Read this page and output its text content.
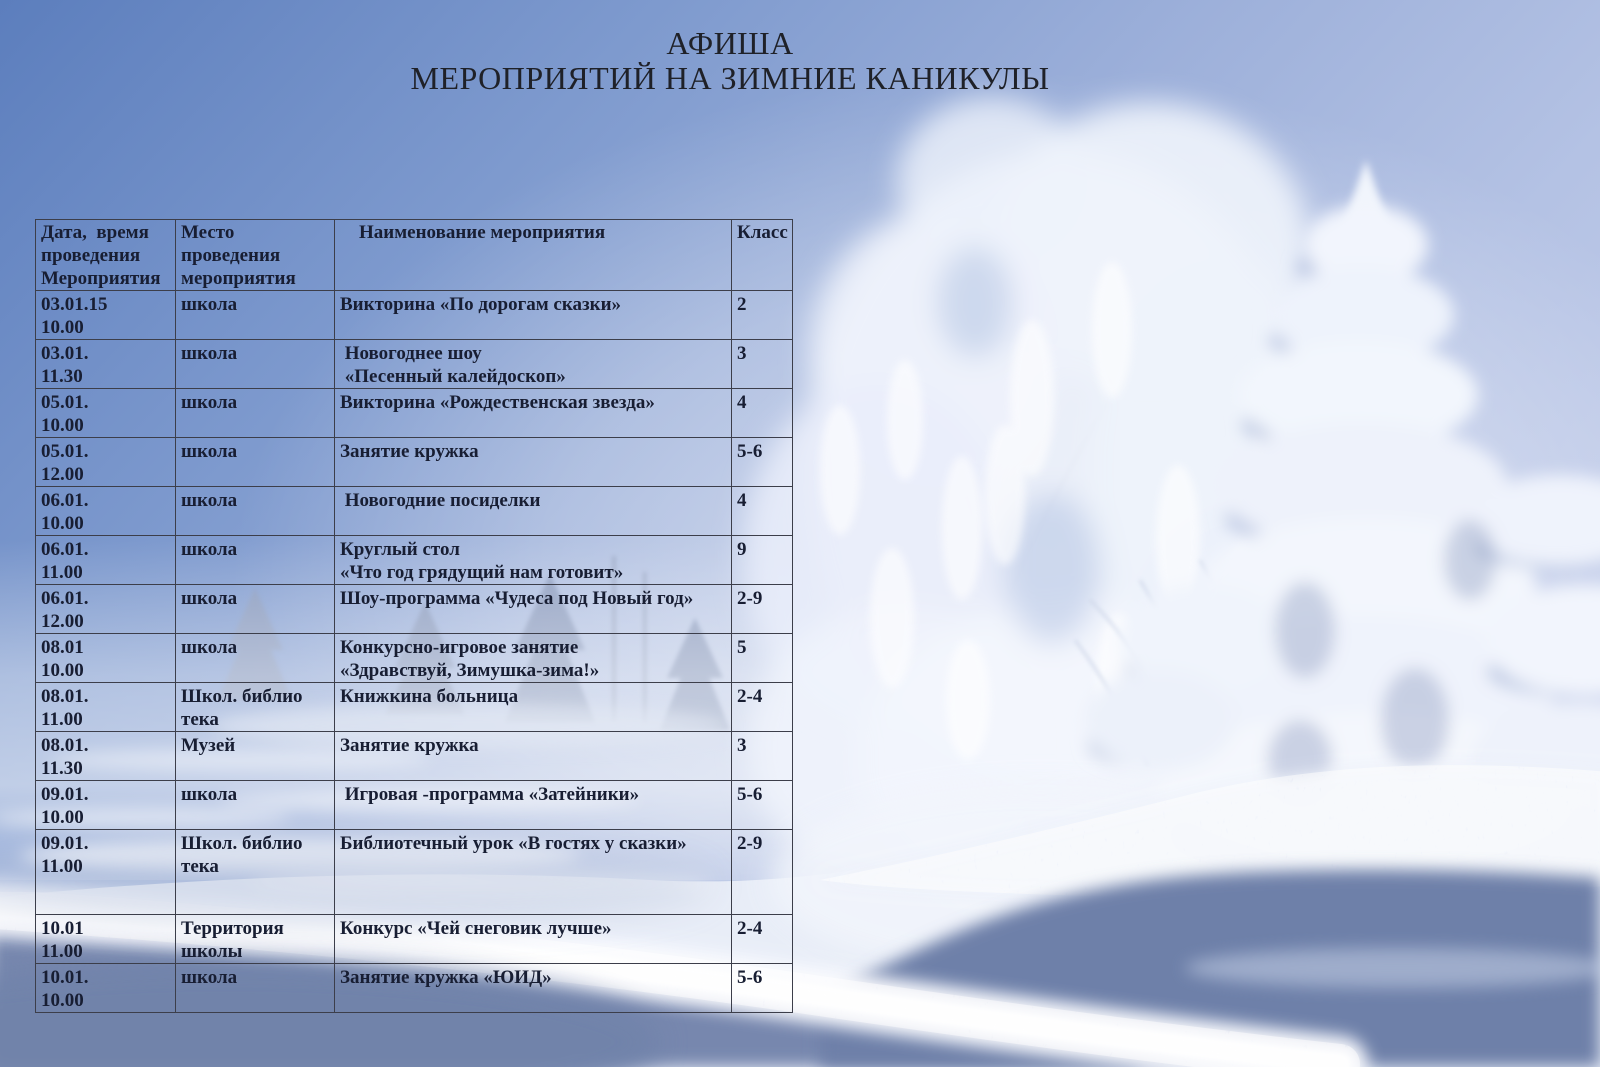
АФИША
МЕРОПРИЯТИЙ НА ЗИМНИЕ КАНИКУЛЫ
Дата,  время
проведения
Мероприятия	Место
проведения
мероприятия	Наименование мероприятия	Класс
03.01.15
10.00	школа	Викторина «По дорогам сказки»	2
03.01.
11.30	школа	Новогоднее шоу
«Песенный калейдоскоп»	3
05.01.
10.00	школа	Викторина «Рождественская звезда»	4
05.01.
12.00	школа	Занятие кружка	5-6
06.01.
10.00	школа	Новогодние посиделки	4
06.01.
11.00	школа	Круглый стол
«Что год грядущий нам готовит»	9
06.01.
12.00	школа	Шоу-программа «Чудеса под Новый год»	2-9
08.01
10.00	школа	Конкурсно-игровое занятие
«Здравствуй, Зимушка-зима!»	5
08.01.
11.00	Школ. библио
тека	Книжкина больница	2-4
08.01.
11.30	Музей	Занятие кружка	3
09.01.
10.00	школа	Игровая -программа «Затейники»	5-6
09.01.
11.00	Школ. библио
тека	Библиотечный урок «В гостях у сказки»	2-9
10.01
11.00	Территория
школы	Конкурс «Чей снеговик лучше»	2-4
10.01.
10.00	школа	Занятие кружка «ЮИД»	5-6
